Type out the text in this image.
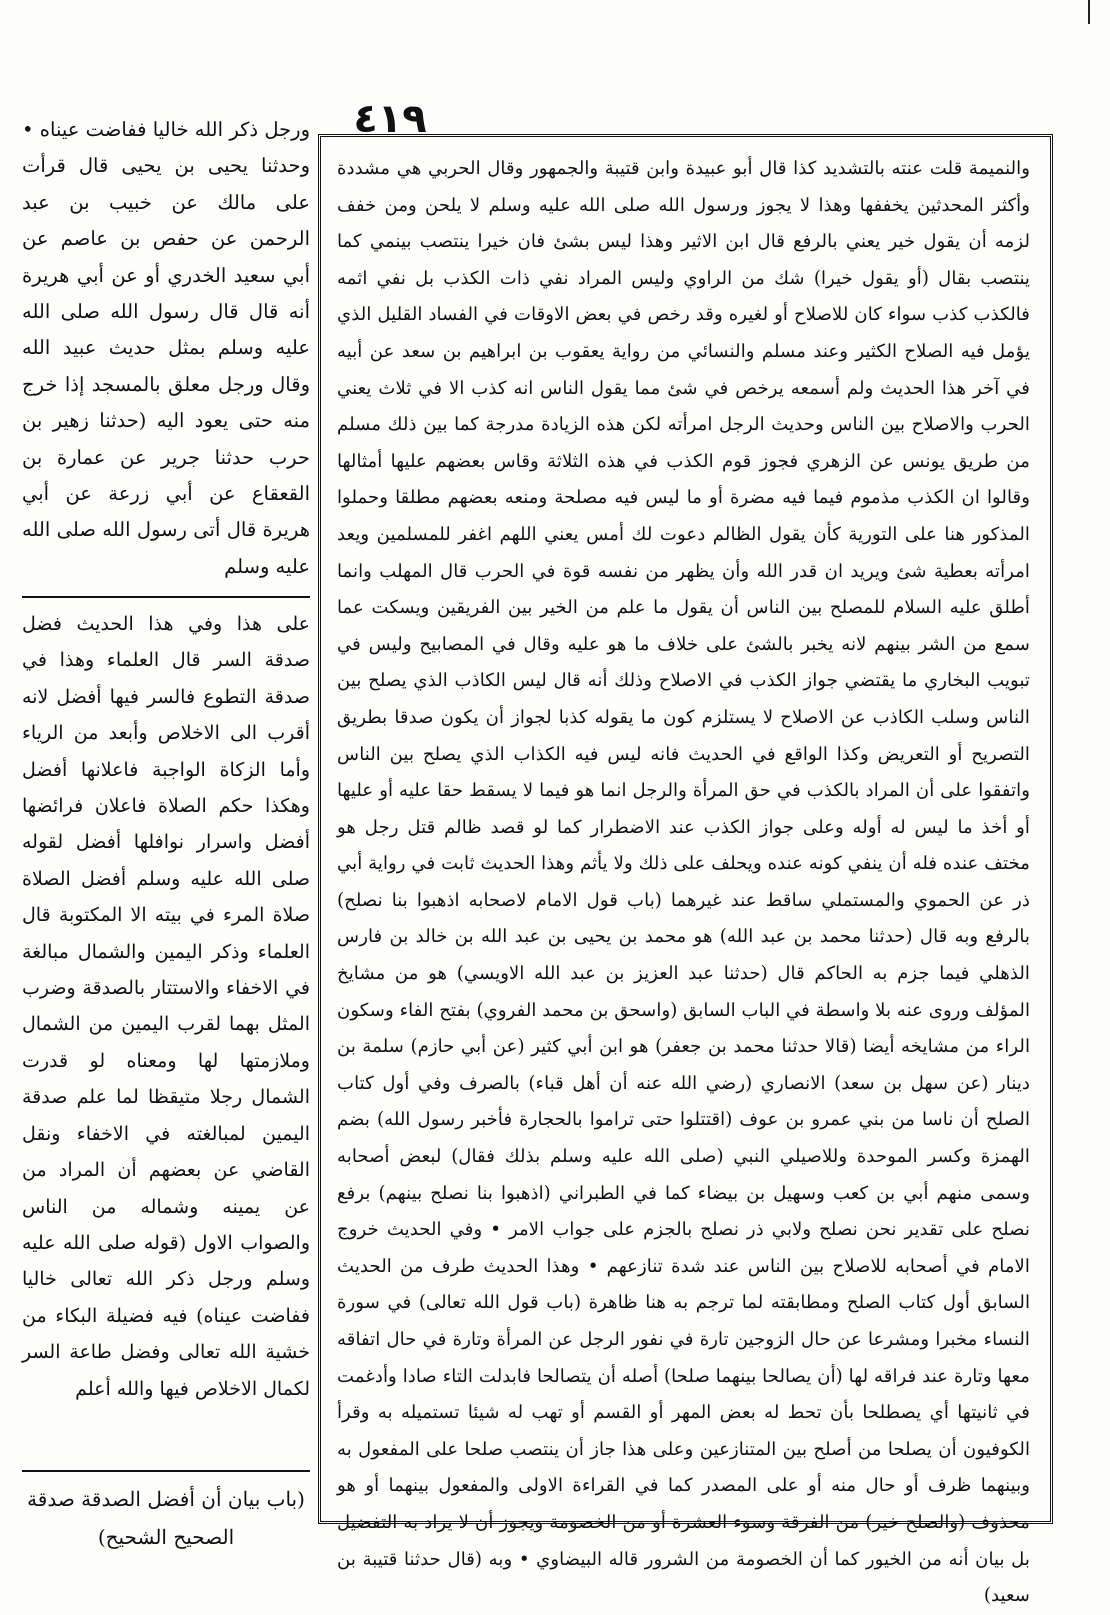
٤١٩

ورجل ذكر الله خاليا ففاضت عيناه • وحدثنا يحيى بن يحيى قال قرأت على مالك عن خبيب بن عبد الرحمن عن حفص بن عاصم عن أبي سعيد الخدري أو عن أبي هريرة أنه قال قال رسول الله صلى الله عليه وسلم بمثل حديث عبيد الله وقال ورجل معلق بالمسجد إذا خرج منه حتى يعود اليه (حدثنا زهير بن حرب حدثنا جرير عن عمارة بن القعقاع عن أبي زرعة عن أبي هريرة قال أتى رسول الله صلى الله عليه وسلم

على هذا وفي هذا الحديث فضل صدقة السر قال العلماء وهذا في صدقة التطوع فالسر فيها أفضل لانه أقرب الى الاخلاص وأبعد من الرياء وأما الزكاة الواجبة فاعلانها أفضل وهكذا حكم الصلاة فاعلان فرائضها أفضل واسرار نوافلها أفضل لقوله صلى الله عليه وسلم أفضل الصلاة صلاة المرء في بيته الا المكتوبة قال العلماء وذكر اليمين والشمال مبالغة في الاخفاء والاستتار بالصدقة وضرب المثل بهما لقرب اليمين من الشمال وملازمتها لها ومعناه لو قدرت الشمال رجلا متيقظا لما علم صدقة اليمين لمبالغته في الاخفاء ونقل القاضي عن بعضهم أن المراد من عن يمينه وشماله من الناس والصواب الاول (قوله صلى الله عليه وسلم ورجل ذكر الله تعالى خاليا ففاضت عيناه) فيه فضيلة البكاء من خشية الله تعالى وفضل طاعة السر لكمال الاخلاص فيها والله أعلم

(باب بيان أن أفضل الصدقة صدقة الصحيح الشحيح)

والنميمة قلت عنته بالتشديد كذا قال أبو عبيدة وابن قتيبة والجمهور وقال الحربي هي مشددة وأكثر المحدثين يخففها وهذا لا يجوز ورسول الله صلى الله عليه وسلم لا يلحن ومن خفف لزمه أن يقول خير يعني بالرفع قال ابن الاثير وهذا ليس بشئ فان خيرا ينتصب بينمي كما ينتصب بقال (أو يقول خيرا) شك من الراوي وليس المراد نفي ذات الكذب بل نفي اثمه فالكذب كذب سواء كان للاصلاح أو لغيره وقد رخص في بعض الاوقات في الفساد القليل الذي يؤمل فيه الصلاح الكثير وعند مسلم والنسائي من رواية يعقوب بن ابراهيم بن سعد عن أبيه في آخر هذا الحديث ولم أسمعه يرخص في شئ مما يقول الناس انه كذب الا في ثلاث يعني الحرب والاصلاح بين الناس وحديث الرجل امرأته لكن هذه الزيادة مدرجة كما بين ذلك مسلم من طريق يونس عن الزهري فجوز قوم الكذب في هذه الثلاثة وقاس بعضهم عليها أمثالها وقالوا ان الكذب مذموم فيما فيه مضرة أو ما ليس فيه مصلحة ومنعه بعضهم مطلقا وحملوا المذكور هنا على التورية كأن يقول الظالم دعوت لك أمس يعني اللهم اغفر للمسلمين ويعد امرأته بعطية شئ ويريد ان قدر الله وأن يظهر من نفسه قوة في الحرب قال المهلب وانما أطلق عليه السلام للمصلح بين الناس أن يقول ما علم من الخير بين الفريقين ويسكت عما سمع من الشر بينهم لانه يخبر بالشئ على خلاف ما هو عليه وقال في المصابيح وليس في تبويب البخاري ما يقتضي جواز الكذب في الاصلاح وذلك أنه قال ليس الكاذب الذي يصلح بين الناس وسلب الكاذب عن الاصلاح لا يستلزم كون ما يقوله كذبا لجواز أن يكون صدقا بطريق التصريح أو التعريض وكذا الواقع في الحديث فانه ليس فيه الكذاب الذي يصلح بين الناس واتفقوا على أن المراد بالكذب في حق المرأة والرجل انما هو فيما لا يسقط حقا عليه أو عليها أو أخذ ما ليس له أوله وعلى جواز الكذب عند الاضطرار كما لو قصد ظالم قتل رجل هو مختف عنده فله أن ينفي كونه عنده ويحلف على ذلك ولا يأثم وهذا الحديث ثابت في رواية أبي ذر عن الحموي والمستملي ساقط عند غيرهما (باب قول الامام لاصحابه اذهبوا بنا نصلح) بالرفع وبه قال (حدثنا محمد بن عبد الله) هو محمد بن يحيى بن عبد الله بن خالد بن فارس الذهلي فيما جزم به الحاكم قال (حدثنا عبد العزيز بن عبد الله الاويسي) هو من مشايخ المؤلف وروى عنه بلا واسطة في الباب السابق (واسحق بن محمد الفروي) بفتح الفاء وسكون الراء من مشايخه أيضا (قالا حدثنا محمد بن جعفر) هو ابن أبي كثير (عن أبي حازم) سلمة بن دينار (عن سهل بن سعد) الانصاري (رضي الله عنه أن أهل قباء) بالصرف وفي أول كتاب الصلح أن ناسا من بني عمرو بن عوف (اقتتلوا حتى تراموا بالحجارة فأخبر رسول الله) بضم الهمزة وكسر الموحدة وللاصيلي النبي (صلى الله عليه وسلم بذلك فقال) لبعض أصحابه وسمى منهم أبي بن كعب وسهيل بن بيضاء كما في الطبراني (اذهبوا بنا نصلح بينهم) برفع نصلح على تقدير نحن نصلح ولابي ذر نصلح بالجزم على جواب الامر • وفي الحديث خروج الامام في أصحابه للاصلاح بين الناس عند شدة تنازعهم • وهذا الحديث طرف من الحديث السابق أول كتاب الصلح ومطابقته لما ترجم به هنا ظاهرة (باب قول الله تعالى) في سورة النساء مخبرا ومشرعا عن حال الزوجين تارة في نفور الرجل عن المرأة وتارة في حال اتفاقه معها وتارة عند فراقه لها (أن يصالحا بينهما صلحا) أصله أن يتصالحا فابدلت التاء صادا وأدغمت في ثانيتها أي يصطلحا بأن تحط له بعض المهر أو القسم أو تهب له شيئا تستميله به وقرأ الكوفيون أن يصلحا من أصلح بين المتنازعين وعلى هذا جاز أن ينتصب صلحا على المفعول به وبينهما ظرف أو حال منه أو على المصدر كما في القراءة الاولى والمفعول بينهما أو هو محذوف (والصلح خير) من الفرقة وسوء العشرة أو من الخصومة ويجوز أن لا يراد به التفضيل بل بيان أنه من الخيور كما أن الخصومة من الشرور قاله البيضاوي • وبه (قال حدثنا قتيبة بن سعيد)
